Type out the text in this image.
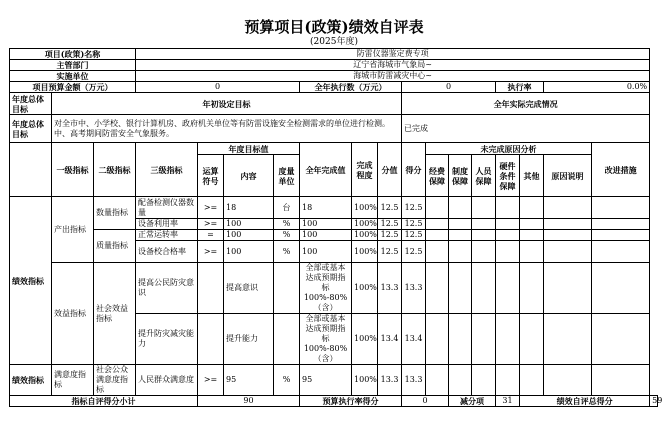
预算项目(政策)绩效自评表
(2025年度)
项目(政策)名称			防雷仪器鉴定费专项															
主管部门			辽宁省海城市气象局~															
实施单位			海城市防雷减灾中心~															
项目预算金额（万元）			0				全年执行数（万元）			0				执行率		0.0%		
年度总体目标	年初设定目标									全年实际完成情况								
年度总体目标	对全市中、小学校、银行计算机房、政府机关单位等有防雷设施安全检测需求的单位进行检测。中、高考期间防雷安全气象服务。									已完成								
	一级指标	二级指标	三级指标	年度目标值			全年完成值	完成程度	分值	得分	未完成原因分析						改进措施	
				运算符号	内容	度量单位					经费保障	制度保障	人员保障	硬件条件保障	其他	原因说明		
绩效指标	产出指标	数量指标	配备检测仪器数量	>=	18	台	18	100%	12.5	12.5								
			设备利用率	>=	100	%	100	100%	12.5	12.5								
		质量指标	正常运转率	=	100	%	100	100%	12.5	12.5								
			设备校合格率	>=	100	%	100	100%	12.5	12.5								
	效益指标	社会效益指标	提高公民防灾意识		提高意识		全部或基本达成预期指标100%-80%（含）	100%	13.3	13.3								
			提升防灾减灾能力		提升能力		全部或基本达成预期指标100%-80%（含）	100%	13.4	13.4								
绩效指标	满意度指标	社会公众满意度指标	人民群众满意度	>=	95	%	95	100%	13.3	13.3								
指标自评得分小计				90			预算执行率得分			0		减分项		31	绩效自评总得分			59
